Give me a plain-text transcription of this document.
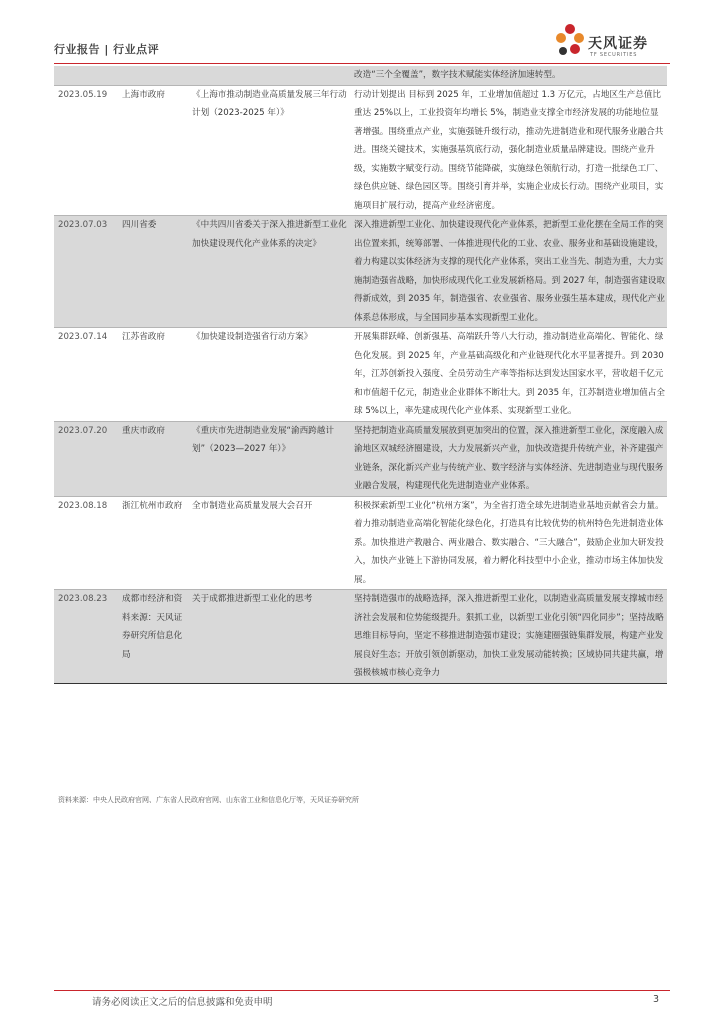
行业报告 | 行业点评	天风证券
TF SECURITIES
			改造“三个全覆盖”，数字技术赋能实体经济加速转型。
2023.05.19	上海市政府	《上海市推动制造业高质量发展三年行动计划（2023-2025 年）》	行动计划提出 目标到 2025 年，工业增加值超过 1.3 万亿元，占地区生产总值比重达 25%以上，工业投资年均增长 5%，制造业支撑全市经济发展的功能地位显著增强。围绕重点产业，实施强链升级行动，推动先进制造业和现代服务业融合共进。围绕关键技术，实施强基筑底行动，强化制造业质量品牌建设。围绕产业升级，实施数字赋变行动。围绕节能降碳，实施绿色领航行动，打造一批绿色工厂、绿色供应链、绿色园区等。围绕引育并举，实施企业成长行动。围绕产业项目，实施项目扩展行动，提高产业经济密度。
2023.07.03	四川省委	《中共四川省委关于深入推进新型工业化加快建设现代化产业体系的决定》	深入推进新型工业化、加快建设现代化产业体系，把新型工业化摆在全局工作的突出位置来抓，统筹部署、一体推进现代化的工业、农业、服务业和基础设施建设，着力构建以实体经济为支撑的现代化产业体系，突出工业当先、制造为重，大力实施制造强省战略，加快形成现代化工业发展新格局。到 2027 年，制造强省建设取得新成效，到 2035 年，制造强省、农业强省、服务业强生基本建成，现代化产业体系总体形成，与全国同步基本实现新型工业化。
2023.07.14	江苏省政府	《加快建设制造强省行动方案》	开展集群跃峰、创新强基、高端跃升等八大行动，推动制造业高端化、智能化、绿色化发展。到 2025 年，产业基础高级化和产业链现代化水平显著提升。到 2030 年，江苏创新投入强度、全员劳动生产率等指标达到发达国家水平，营收超千亿元和市值超千亿元，制造业企业群体不断壮大。到 2035 年，江苏制造业增加值占全球 5%以上，率先建成现代化产业体系、实现新型工业化。
2023.07.20	重庆市政府	《重庆市先进制造业发展“渝西跨越计划”（2023—2027 年）》	坚持把制造业高质量发展放到更加突出的位置，深入推进新型工业化，深度融入成渝地区双城经济圈建设，大力发展新兴产业，加快改造提升传统产业，补齐建强产业链条，深化新兴产业与传统产业、数字经济与实体经济、先进制造业与现代服务业融合发展，构建现代化先进制造业产业体系。
2023.08.18	浙江杭州市政府	全市制造业高质量发展大会召开	积极探索新型工业化“杭州方案”，为全省打造全球先进制造业基地贡献省会力量。着力推动制造业高端化智能化绿色化，打造具有比较优势的杭州特色先进制造业体系。加快推进产教融合、两业融合、数实融合、“三大融合”，鼓励企业加大研发投入，加快产业链上下游协同发展，着力孵化科技型中小企业，推动市场主体加快发展。
2023.08.23	成都市经济和资料来源：天风证券研究所信息化局	关于成都推进新型工业化的思考	坚持制造强市的战略选择，深入推进新型工业化，以制造业高质量发展支撑城市经济社会发展和位势能级提升。狠抓工业，以新型工业化引领“四化同步”；坚持战略思维目标导向，坚定不移推进制造强市建设；实施建圈强链集群发展，构建产业发展良好生态；开放引领创新驱动，加快工业发展动能转换；区域协同共建共赢，增强极核城市核心竞争力
资料来源：中央人民政府官网、广东省人民政府官网、山东省工业和信息化厅等，天风证券研究所
请务必阅读正文之后的信息披露和免责申明	3
